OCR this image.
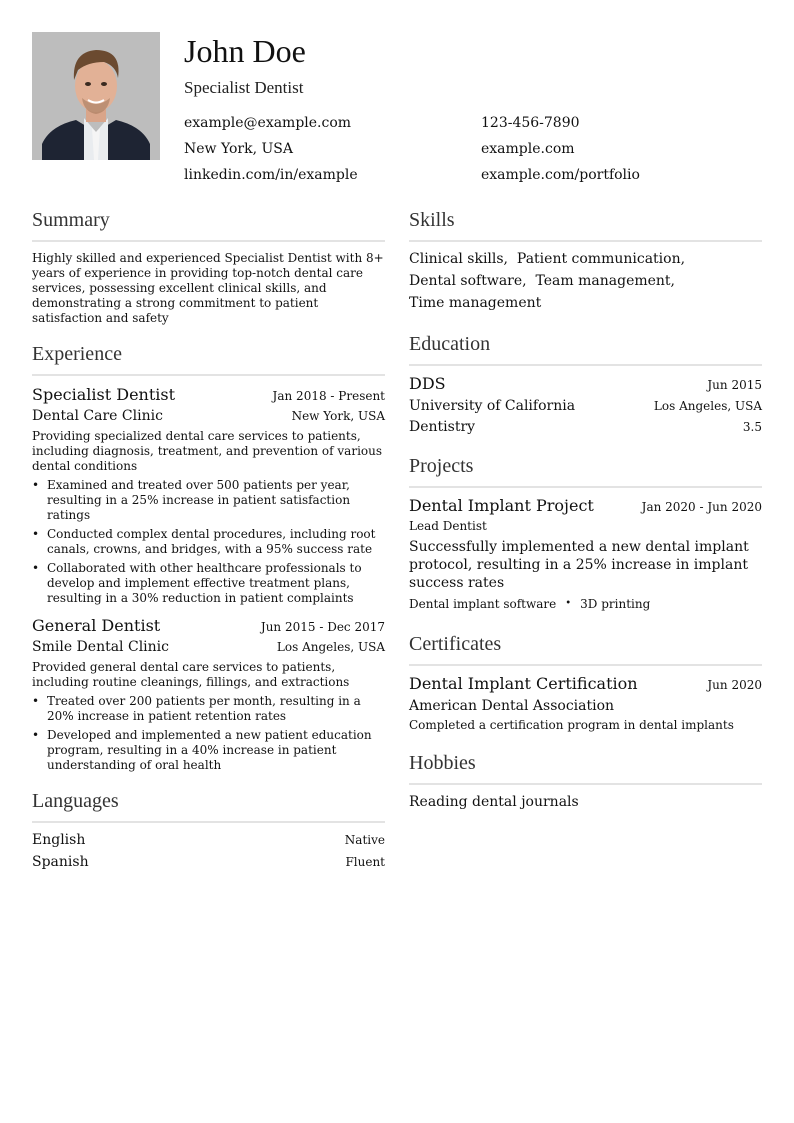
John Doe
Specialist Dentist
example@example.com	123-456-7890
New York, USA	example.com
linkedin.com/in/example	example.com/portfolio
Summary

Highly skilled and experienced Specialist Dentist with 8+ years of experience in providing top-notch dental care services, possessing excellent clinical skills, and demonstrating a strong commitment to patient satisfaction and safety

Experience
Specialist Dentist	Jan 2018 - Present
Dental Care Clinic	New York, USA

Providing specialized dental care services to patients, including diagnosis, treatment, and prevention of various dental conditions

• Examined and treated over 500 patients per year, resulting in a 25% increase in patient satisfaction ratings
• Conducted complex dental procedures, including root canals, crowns, and bridges, with a 95% success rate
• Collaborated with other healthcare professionals to develop and implement effective treatment plans, resulting in a 30% reduction in patient complaints
General Dentist	Jun 2015 - Dec 2017
Smile Dental Clinic	Los Angeles, USA

Provided general dental care services to patients, including routine cleanings, fillings, and extractions

• Treated over 200 patients per month, resulting in a 20% increase in patient retention rates
• Developed and implemented a new patient education program, resulting in a 40% increase in patient understanding of oral health
Languages
English	Native
Spanish	Fluent
Skills
Clinical skills, Patient communication,
Dental software, Team management,
Time management
Education
DDS	Jun 2015
University of California	Los Angeles, USA
Dentistry	3.5
Projects
Dental Implant Project	Jan 2020 - Jun 2020
Lead Dentist

Successfully implemented a new dental implant protocol, resulting in a 25% increase in implant success rates

Dental implant software • 3D printing
Certificates
Dental Implant Certification	Jun 2020
American Dental Association
Completed a certification program in dental implants
Hobbies
Reading dental journals
